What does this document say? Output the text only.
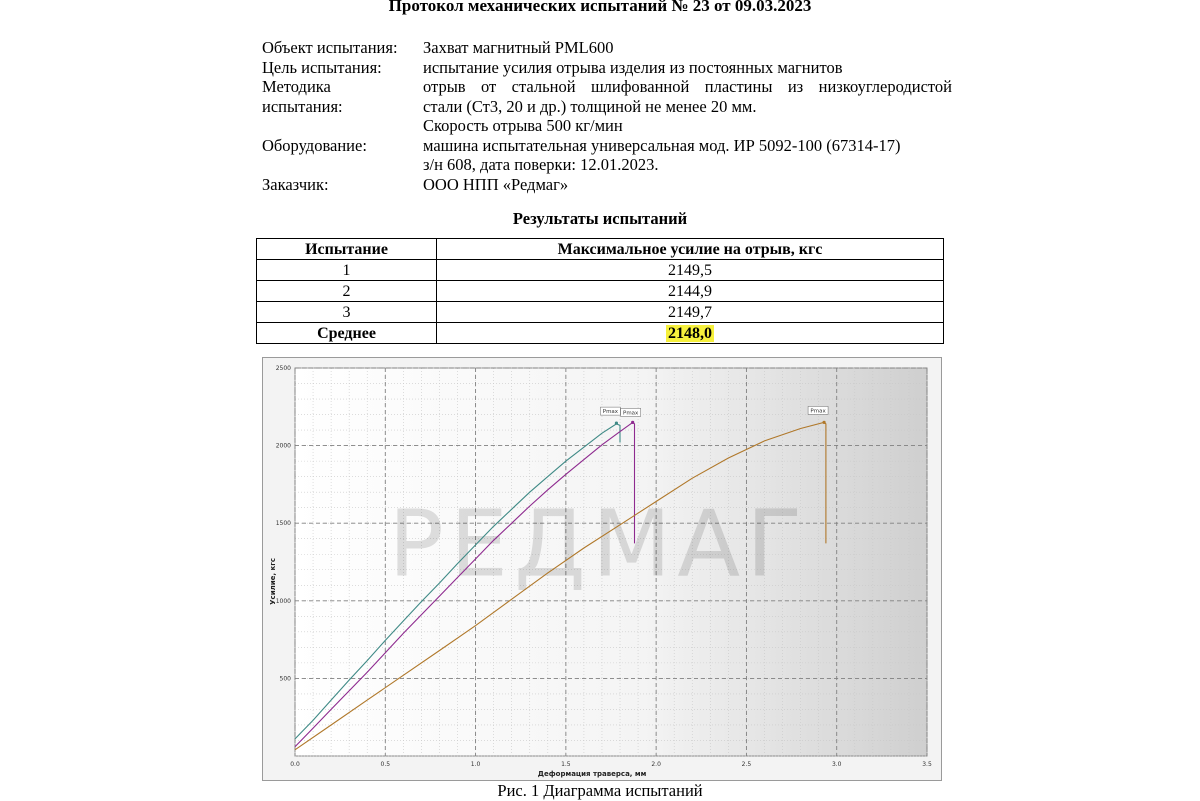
Протокол механических испытаний № 23 от 09.03.2023
Объект испытания:	Захват магнитный PML600
Цель испытания:	испытание усилия отрыва изделия из постоянных магнитов
Методика
испытания:
отрыв от стальной шлифованной пластины из низкоуглеродистой
стали (Ст3, 20 и др.) толщиной не менее 20 мм.
Скорость отрыва 500 кг/мин
Оборудование:	машина испытательная универсальная мод. ИР 5092-100 (67314-17)
з/н 608, дата поверки: 12.01.2023.
Заказчик:	ООО НПП «Редмаг»
Результаты испытаний
Испытание	Максимальное усилие на отрыв, кгс
1	2149,5
2	2144,9
3	2149,7
Среднее	2148,0
РЕДМАГ
0.0	0.5	1.0	1.5	2.0	2.5	3.0	3.5
500
1000
1500
2000
2500
Деформация траверса, мм
Усилие, кгс
Pmax Pmax	Pmax
Рис. 1 Диаграмма испытаний
